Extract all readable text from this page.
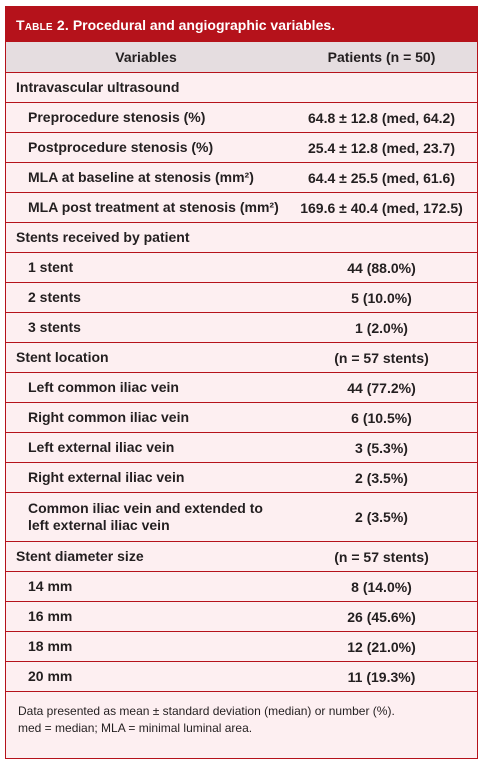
Table 2.
Procedural and angiographic variables.
Variables	Patients (n = 50)
Intravascular ultrasound
Preprocedure stenosis (%)	64.8 ± 12.8 (med, 64.2)
Postprocedure stenosis (%)	25.4 ± 12.8 (med, 23.7)
MLA at baseline at stenosis (mm²)	64.4 ± 25.5 (med, 61.6)
MLA post treatment at stenosis (mm²)	169.6 ± 40.4 (med, 172.5)
Stents received by patient
1 stent	44 (88.0%)
2 stents	5 (10.0%)
3 stents	1 (2.0%)
Stent location	(n = 57 stents)
Left common iliac vein	44 (77.2%)
Right common iliac vein	6 (10.5%)
Left external iliac vein	3 (5.3%)
Right external iliac vein	2 (3.5%)
Common iliac vein and extended to left external iliac vein	2 (3.5%)
Stent diameter size	(n = 57 stents)
14 mm	8 (14.0%)
16 mm	26 (45.6%)
18 mm	12 (21.0%)
20 mm	11 (19.3%)
Data presented as mean ± standard deviation (median) or number (%).
med = median; MLA = minimal luminal area.
